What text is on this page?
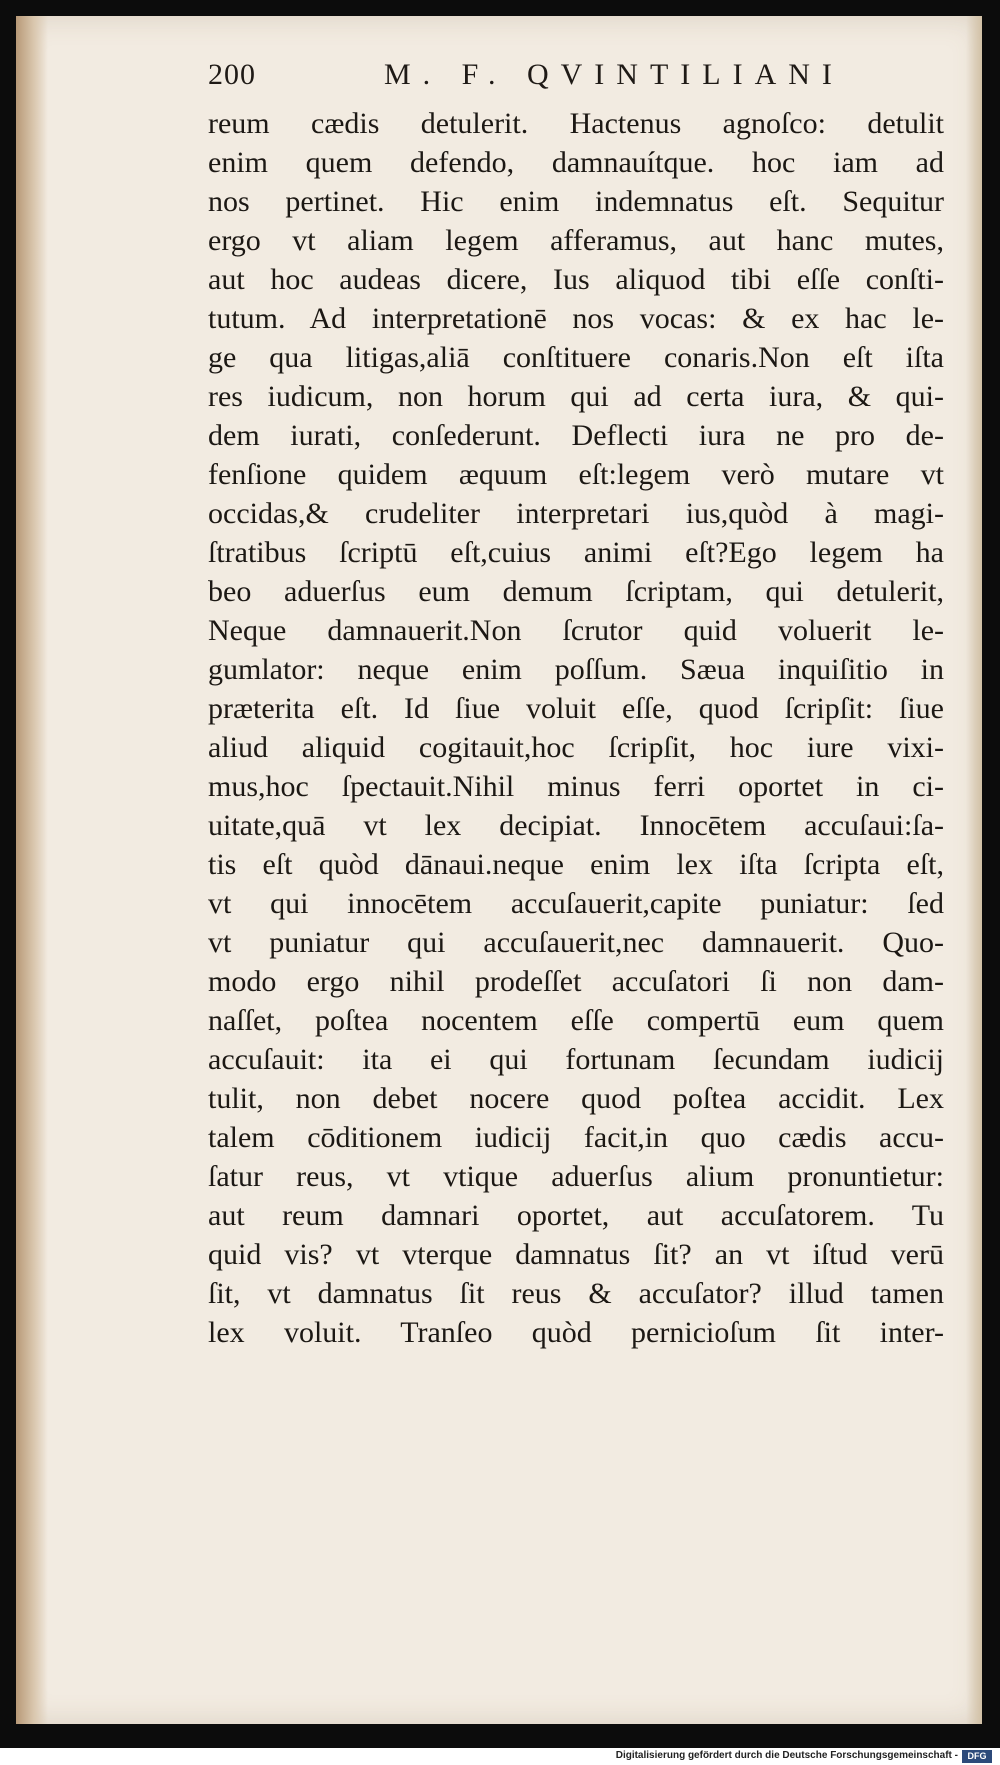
200	M. F. QVINTILIANI
reum cædis detulerit. Hactenus agnoſco: detulit
enim quem defendo, damnauítque. hoc iam ad
nos pertinet. Hic enim indemnatus eſt. Sequitur
ergo vt aliam legem afferamus, aut hanc mutes,
aut hoc audeas dicere, Ius aliquod tibi eſſe conſti-
tutum. Ad interpretationē nos vocas: & ex hac le-
ge qua litigas,aliā conſtituere conaris.Non eſt iſta
res iudicum, non horum qui ad certa iura, & qui-
dem iurati, conſederunt. Deflecti iura ne pro de-
fenſione quidem æquum eſt:legem verò mutare vt
occidas,& crudeliter interpretari ius,quòd à magi-
ſtratibus ſcriptū eſt,cuius animi eſt?Ego legem ha
beo aduerſus eum demum ſcriptam, qui detulerit,
Neque damnauerit.Non ſcrutor quid voluerit le-
gumlator: neque enim poſſum. Sæua inquiſitio in
præterita eſt. Id ſiue voluit eſſe, quod ſcripſit: ſiue
aliud aliquid cogitauit,hoc ſcripſit, hoc iure vixi-
mus,hoc ſpectauit.Nihil minus ferri oportet in ci-
uitate,quā vt lex decipiat. Innocētem accuſaui:ſa-
tis eſt quòd dānaui.neque enim lex iſta ſcripta eſt,
vt qui innocētem accuſauerit,capite puniatur: ſed
vt puniatur qui accuſauerit,nec damnauerit. Quo-
modo ergo nihil prodeſſet accuſatori ſi non dam-
naſſet, poſtea nocentem eſſe compertū eum quem
accuſauit: ita ei qui fortunam ſecundam iudicij
tulit, non debet nocere quod poſtea accidit. Lex
talem cōditionem iudicij facit,in quo cædis accu-
ſatur reus, vt vtique aduerſus alium pronuntietur:
aut reum damnari oportet, aut accuſatorem. Tu
quid vis? vt vterque damnatus ſit? an vt iſtud verū
ſit, vt damnatus ſit reus & accuſator? illud tamen
lex voluit. Tranſeo quòd pernicioſum ſit inter-
Digitalisierung gefördert durch die Deutsche Forschungsgemeinschaft -	DFG
